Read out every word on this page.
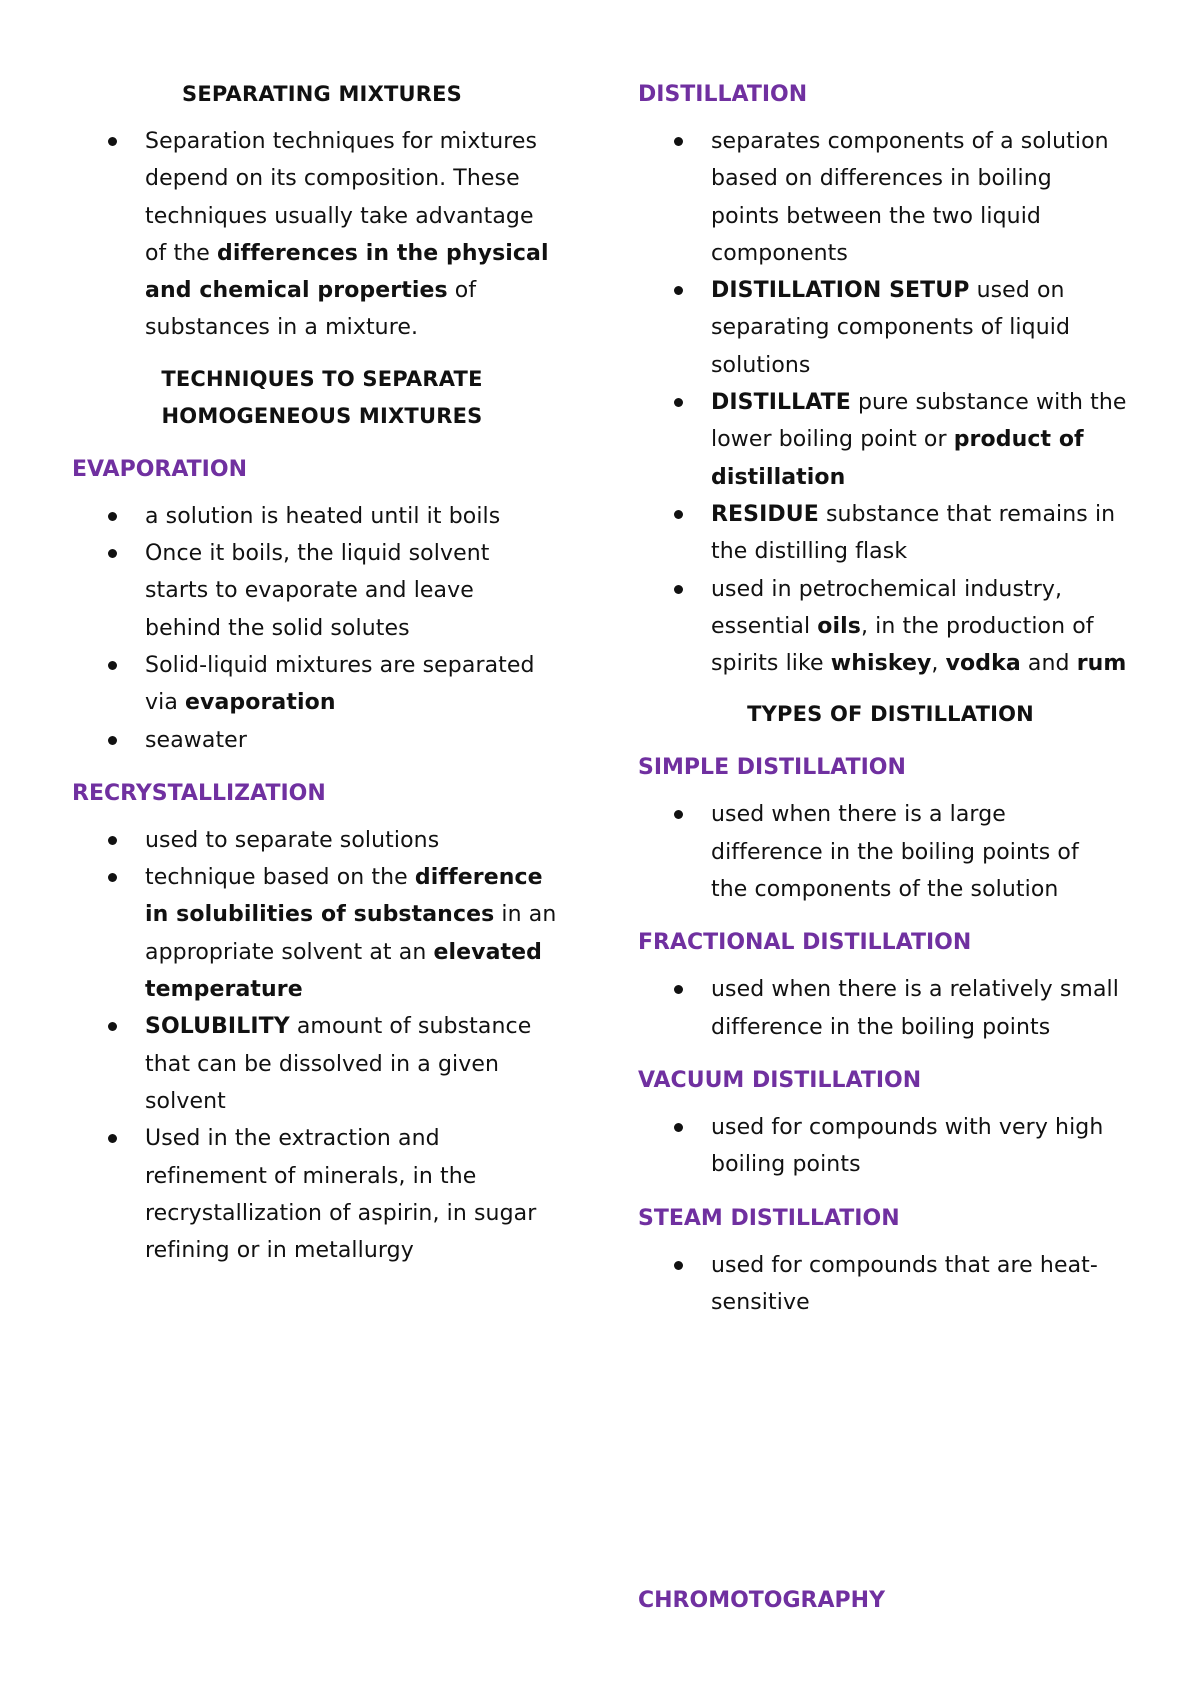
SEPARATING MIXTURES
Separation techniques for mixtures
depend on its composition. These
techniques usually take advantage
of the differences in the physical
and chemical properties of
substances in a mixture.
TECHNIQUES TO SEPARATE
HOMOGENEOUS MIXTURES
EVAPORATION
a solution is heated until it boils
Once it boils, the liquid solvent
starts to evaporate and leave
behind the solid solutes
Solid-liquid mixtures are separated
via evaporation
seawater
RECRYSTALLIZATION
used to separate solutions
technique based on the difference
in solubilities of substances in an
appropriate solvent at an elevated
temperature
SOLUBILITY amount of substance
that can be dissolved in a given
solvent
Used in the extraction and
refinement of minerals, in the
recrystallization of aspirin, in sugar
refining or in metallurgy
DISTILLATION
separates components of a solution
based on differences in boiling
points between the two liquid
components
DISTILLATION SETUP used on
separating components of liquid
solutions
DISTILLATE pure substance with the
lower boiling point or product of
distillation
RESIDUE substance that remains in
the distilling flask
used in petrochemical industry,
essential oils, in the production of
spirits like whiskey, vodka and rum
TYPES OF DISTILLATION
SIMPLE DISTILLATION
used when there is a large
difference in the boiling points of
the components of the solution
FRACTIONAL DISTILLATION
used when there is a relatively small
difference in the boiling points
VACUUM DISTILLATION
used for compounds with very high
boiling points
STEAM DISTILLATION
used for compounds that are heat-
sensitive
CHROMOTOGRAPHY
